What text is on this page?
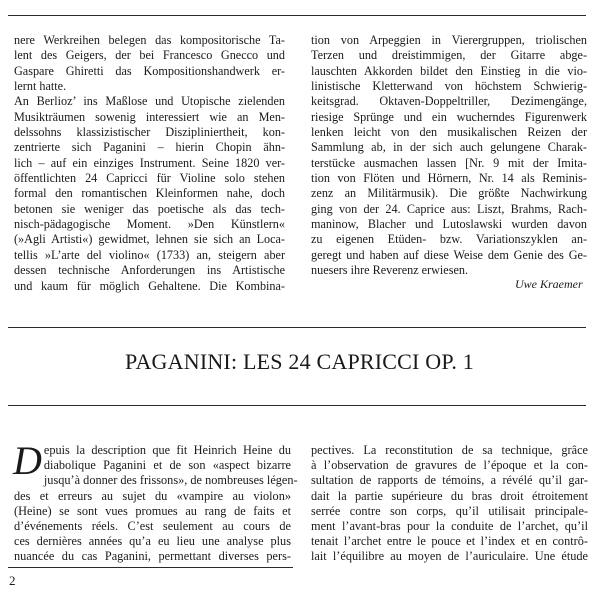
nere Werkreihen belegen das kompositorische Ta-
lent des Geigers, der bei Francesco Gnecco und
Gaspare Ghiretti das Kompositionshandwerk er-
lernt hatte.
An Berlioz’ ins Maßlose und Utopische zielenden
Musikträumen sowenig interessiert wie an Men-
delssohns klassizistischer Diszipliniertheit, kon-
zentrierte sich Paganini – hierin Chopin ähn-
lich – auf ein einziges Instrument. Seine 1820 ver-
öffentlichten 24 Capricci für Violine solo stehen
formal den romantischen Kleinformen nahe, doch
betonen sie weniger das poetische als das tech-
nisch-pädagogische Moment. »Den Künstlern«
(»Agli Artisti«) gewidmet, lehnen sie sich an Loca-
tellis »L’arte del violino« (1733) an, steigern aber
dessen technische Anforderungen ins Artistische
und kaum für möglich Gehaltene. Die Kombina-
tion von Arpeggien in Vierergruppen, triolischen
Terzen und dreistimmigen, der Gitarre abge-
lauschten Akkorden bildet den Einstieg in die vio-
linistische Kletterwand von höchstem Schwierig-
keitsgrad. Oktaven-Doppeltriller, Dezimengänge,
riesige Sprünge und ein wucherndes Figurenwerk
lenken leicht von den musikalischen Reizen der
Sammlung ab, in der sich auch gelungene Charak-
terstücke ausmachen lassen [Nr. 9 mit der Imita-
tion von Flöten und Hörnern, Nr. 14 als Reminis-
zenz an Militärmusik). Die größte Nachwirkung
ging von der 24. Caprice aus: Liszt, Brahms, Rach-
maninow, Blacher und Lutoslawski wurden davon
zu eigenen Etüden- bzw. Variationszyklen an-
geregt und haben auf diese Weise dem Genie des Ge-
nuesers ihre Reverenz erwiesen.
Uwe Kraemer
PAGANINI: LES 24 CAPRICCI OP. 1
D epuis la description que fit Heinrich Heine du
diabolique Paganini et de son «aspect bizarre
jusqu’à donner des frissons», de nombreuses légen-
des et erreurs au sujet du «vampire au violon»
(Heine) se sont vues promues au rang de faits et
d’événements réels. C’est seulement au cours de
ces dernières années qu’a eu lieu une analyse plus
nuancée du cas Paganini, permettant diverses pers-
pectives. La reconstitution de sa technique, grâce
à l’observation de gravures de l’époque et la con-
sultation de rapports de témoins, a révélé qu’il gar-
dait la partie supérieure du bras droit étroitement
serrée contre son corps, qu’il utilisait principale-
ment l’avant-bras pour la conduite de l’archet, qu’il
tenait l’archet entre le pouce et l’index et en contrô-
lait l’équilibre au moyen de l’auriculaire. Une étude
2
